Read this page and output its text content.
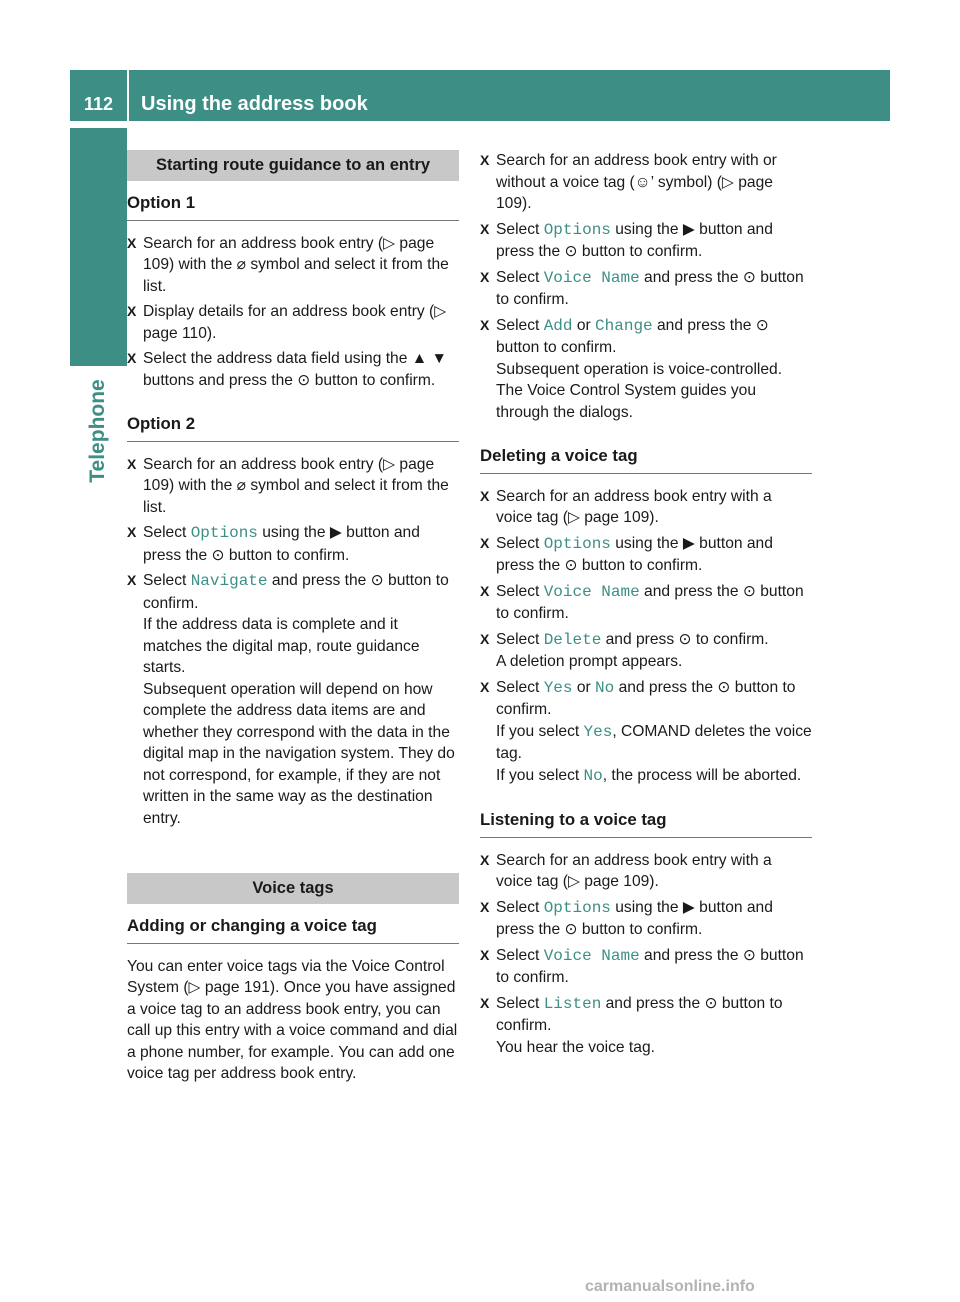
112	Using the address book
Telephone
Starting route guidance to an entry
Option 1
X Search for an address book entry (▷ page 109) with the ⌀ symbol and select it from the list.

X Display details for an address book entry (▷ page 110).

X Select the address data field using the ▲ ▼ buttons and press the ⊙ button to confirm.

Option 2
X Search for an address book entry (▷ page 109) with the ⌀ symbol and select it from the list.

X Select Options using the ▶ button and press the ⊙ button to confirm.

X Select Navigate and press the ⊙ button to confirm.

If the address data is complete and it matches the digital map, route guidance starts.

Subsequent operation will depend on how complete the address data items are and whether they correspond with the data in the digital map in the navigation system. They do not correspond, for example, if they are not written in the same way as the destination entry.

Voice tags
Adding or changing a voice tag

You can enter voice tags via the Voice Control System (▷ page 191). Once you have assigned a voice tag to an address book entry, you can call up this entry with a voice command and dial a phone number, for example. You can add one voice tag per address book entry.

X Search for an address book entry with or without a voice tag (☺’ symbol) (▷ page 109).

X Select Options using the ▶ button and press the ⊙ button to confirm.

X Select Voice Name and press the ⊙ button to confirm.

X Select Add or Change and press the ⊙ button to confirm.

Subsequent operation is voice-controlled. The Voice Control System guides you through the dialogs.

Deleting a voice tag
X Search for an address book entry with a voice tag (▷ page 109).

X Select Options using the ▶ button and press the ⊙ button to confirm.

X Select Voice Name and press the ⊙ button to confirm.

X Select Delete and press ⊙ to confirm.

A deletion prompt appears.

X Select Yes or No and press the ⊙ button to confirm.

If you select Yes, COMAND deletes the voice tag.

If you select No, the process will be aborted.

Listening to a voice tag
X Search for an address book entry with a voice tag (▷ page 109).

X Select Options using the ▶ button and press the ⊙ button to confirm.

X Select Voice Name and press the ⊙ button to confirm.

X Select Listen and press the ⊙ button to confirm.

You hear the voice tag.

carmanualsonline.info
